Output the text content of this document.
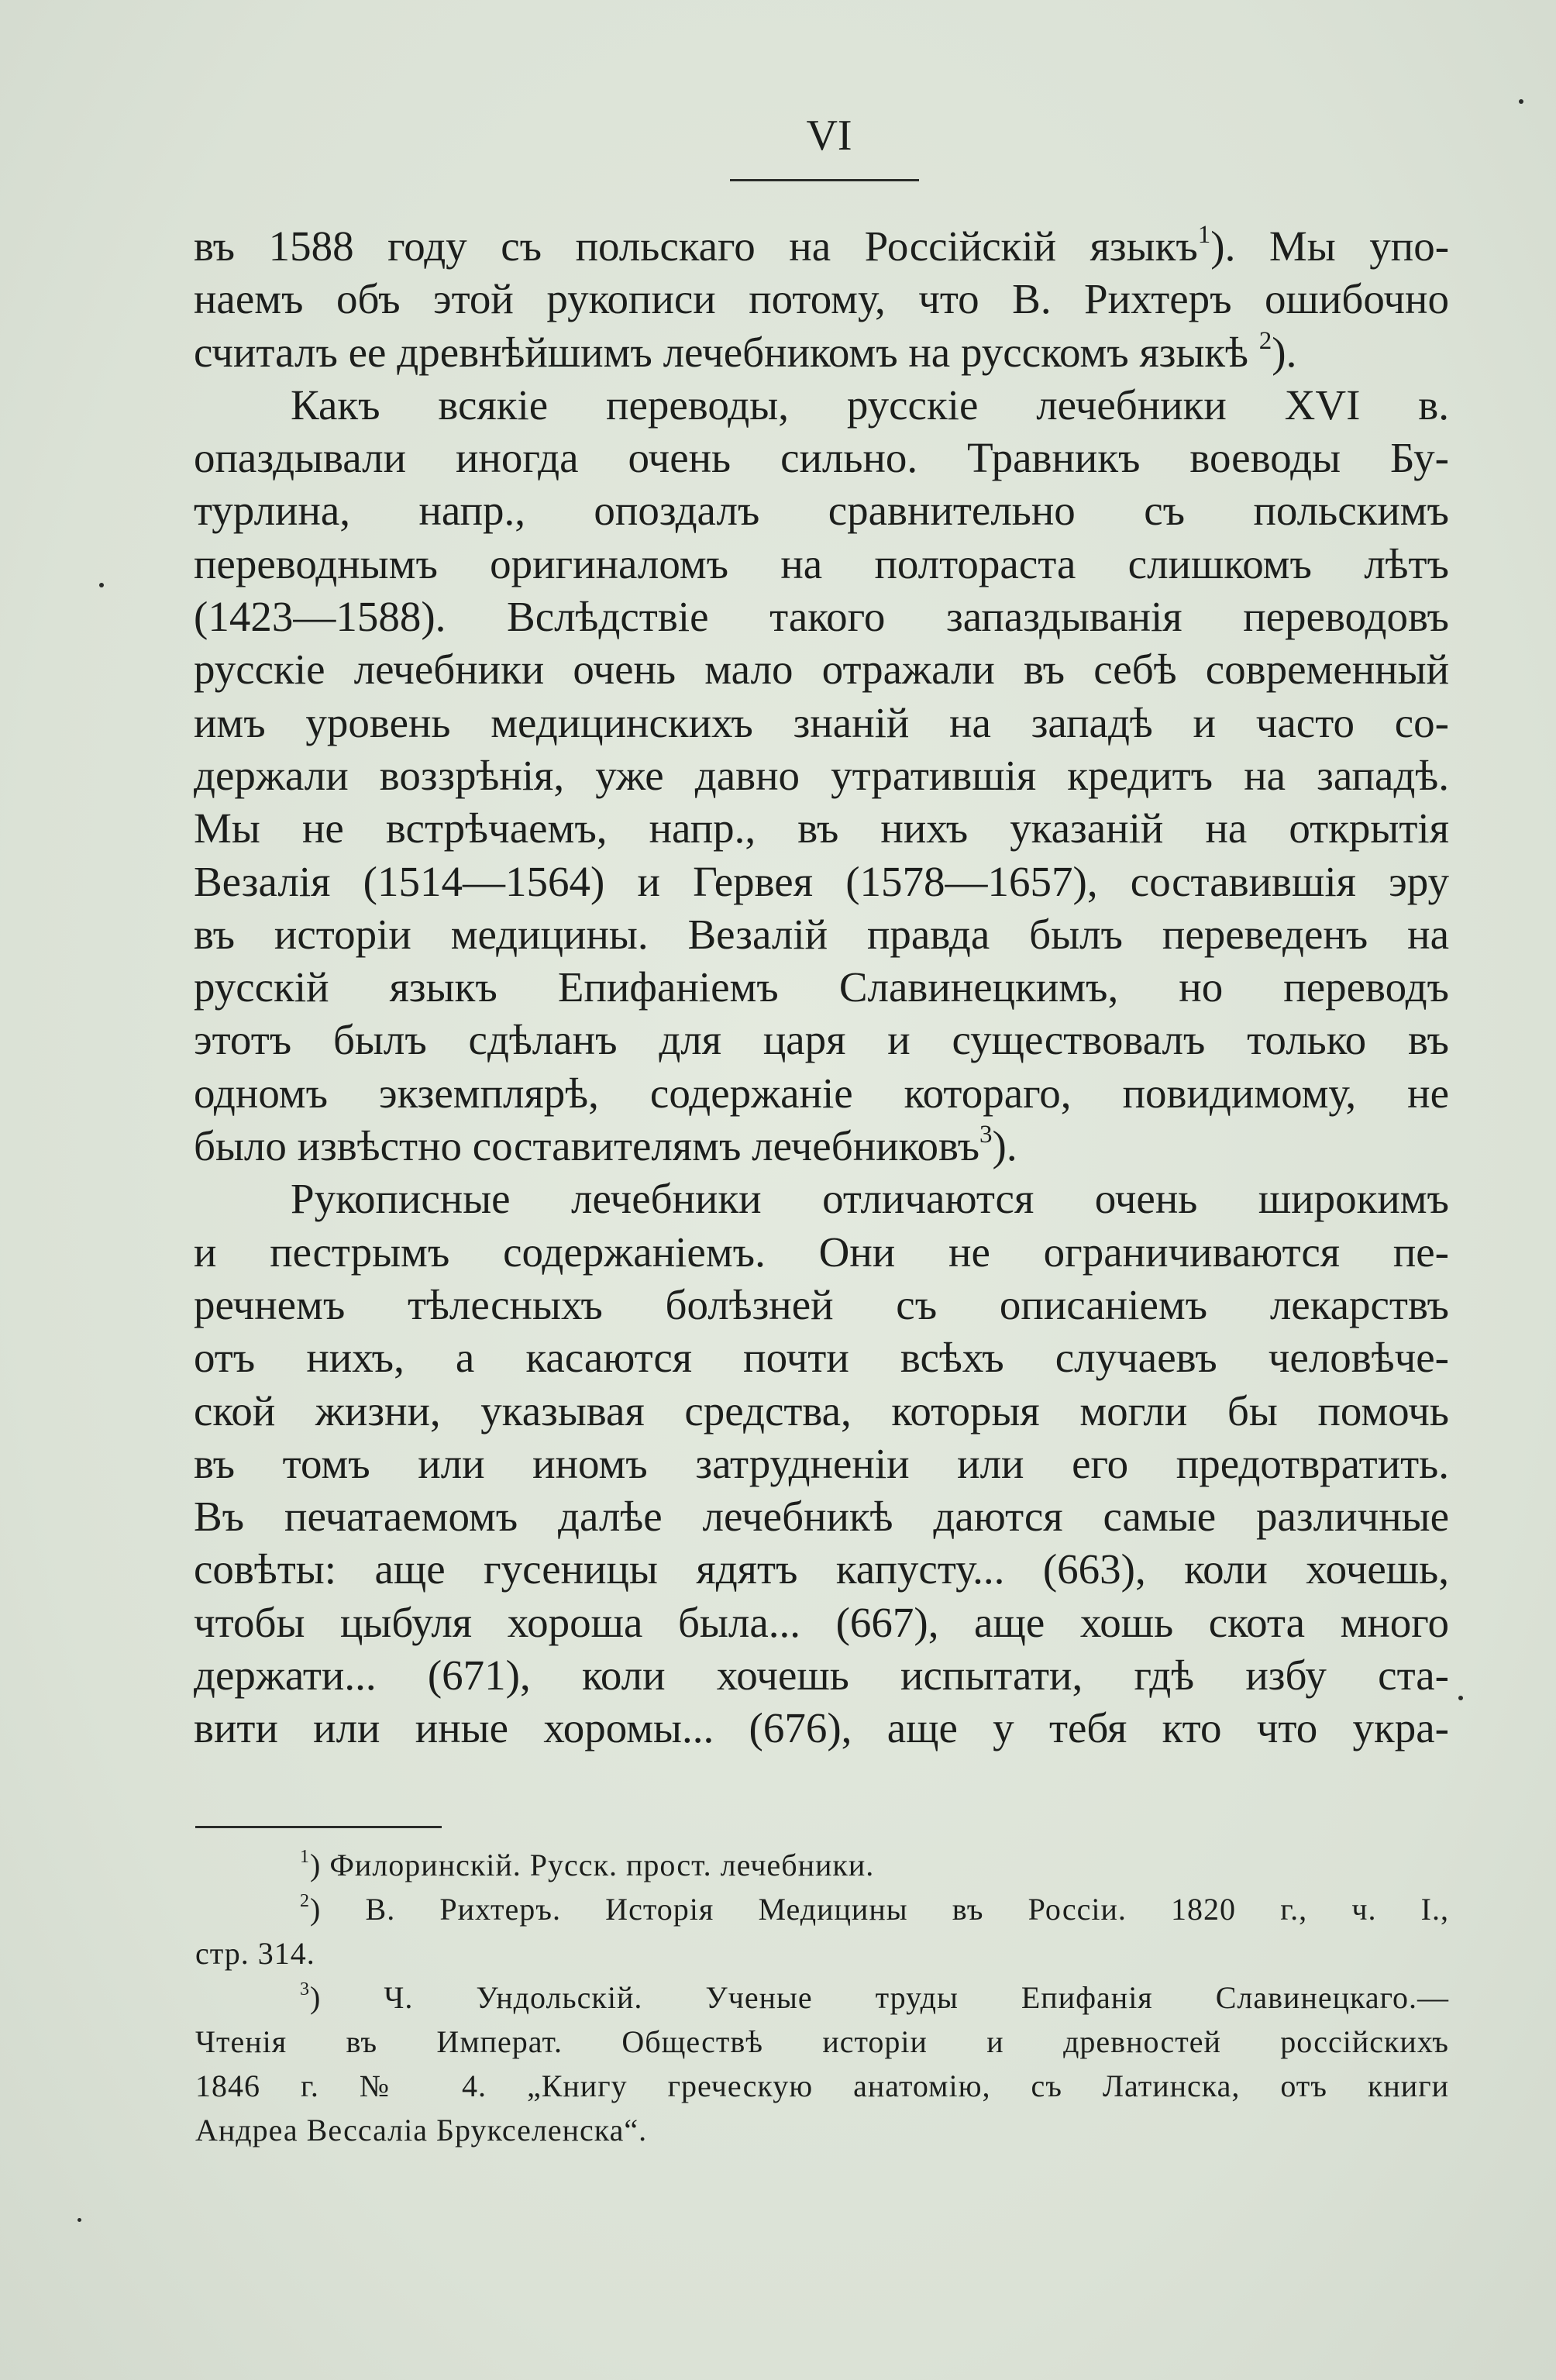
VI
въ 1588 году съ польскаго на Россійскій языкъ$^1$). Мы упо-
наемъ объ этой рукописи потому, что В. Рихтеръ ошибочно
считалъ ее древнѣйшимъ лечебникомъ на русскомъ языкѣ $^2$).
Какъ всякіе переводы, русскіе лечебники XVI в.
опаздывали иногда очень сильно. Травникъ воеводы Бу-
турлина, напр., опоздалъ сравнительно съ польскимъ
переводнымъ оригиналомъ на полтораста слишкомъ лѣтъ
(1423—1588). Вслѣдствіе такого запаздыванія переводовъ
русскіе лечебники очень мало отражали въ себѣ современный
имъ уровень медицинскихъ знаній на западѣ и часто со-
держали воззрѣнія, уже давно утратившія кредитъ на западѣ.
Мы не встрѣчаемъ, напр., въ нихъ указаній на открытія
Везалія (1514—1564) и Гервея (1578—1657), составившія эру
въ исторіи медицины. Везалій правда былъ переведенъ на
русскій языкъ Епифаніемъ Славинецкимъ, но переводъ
этотъ былъ сдѣланъ для царя и существовалъ только въ
одномъ экземплярѣ, содержаніе котораго, повидимому, не
было извѣстно составителямъ лечебниковъ$^3$).
Рукописные лечебники отличаются очень широкимъ
и пестрымъ содержаніемъ. Они не ограничиваются пе-
речнемъ тѣлесныхъ болѣзней съ описаніемъ лекарствъ
отъ нихъ, а касаются почти всѣхъ случаевъ человѣче-
ской жизни, указывая средства, которыя могли бы помочь
въ томъ или иномъ затрудненіи или его предотвратить.
Въ печатаемомъ далѣе лечебникѣ даются самые различные
совѣты: аще гусеницы ядятъ капусту... (663), коли хочешь,
чтобы цыбуля хороша была... (667), аще хошь скота много
держати... (671), коли хочешь испытати, гдѣ избу ста-
вити или иные хоромы... (676), аще у тебя кто что укра-
$^1$) Филоринскій. Русск. прост. лечебники.
$^2$) В. Рихтеръ. Исторія Медицины въ Россіи. 1820 г., ч. I.,
стр. 314.
$^3$) Ч. Ундольскій. Ученые труды Епифанія Славинецкаго.—
Чтенія въ Императ. Обществѣ исторіи и древностей россійскихъ
1846 г. № 4. „Книгу греческую анатомію, съ Латинска, отъ книги
Андреа Вессаліа Брукселенска“.
